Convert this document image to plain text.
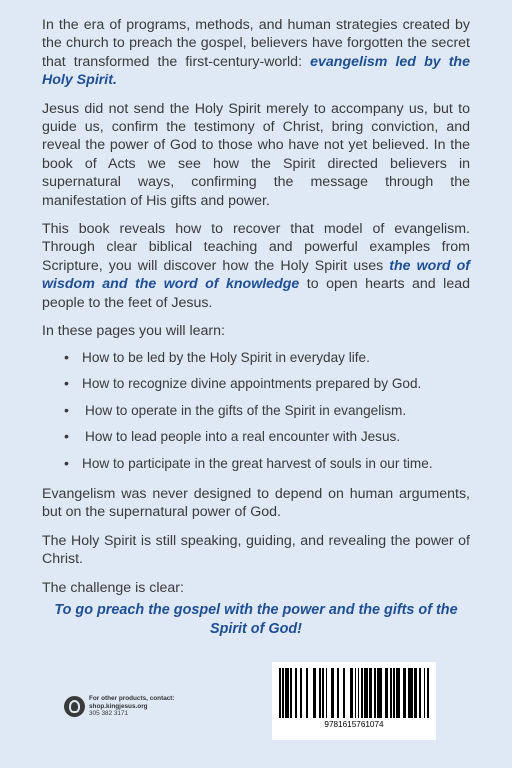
In the era of programs, methods, and human strategies created by the church to preach the gospel, believers have forgotten the secret that transformed the first-century-world: evangelism led by the Holy Spirit.

Jesus did not send the Holy Spirit merely to accompany us, but to guide us, confirm the testimony of Christ, bring conviction, and reveal the power of God to those who have not yet believed. In the book of Acts we see how the Spirit directed believers in supernatural ways, confirming the message through the manifestation of His gifts and power.

This book reveals how to recover that model of evangelism. Through clear biblical teaching and powerful examples from Scripture, you will discover how the Holy Spirit uses the word of wisdom and the word of knowledge to open hearts and lead people to the feet of Jesus.

In these pages you will learn:

• How to be led by the Holy Spirit in everyday life.
• How to recognize divine appointments prepared by God.
• How to operate in the gifts of the Spirit in evangelism.
• How to lead people into a real encounter with Jesus.
• How to participate in the great harvest of souls in our time.

Evangelism was never designed to depend on human arguments, but on the supernatural power of God.

The Holy Spirit is still speaking, guiding, and revealing the power of Christ.

The challenge is clear:

To go preach the gospel with the power and the gifts of the Spirit of God!
For other products, contact:
shop.kingjesus.org
305 382 3171
9781615761074
